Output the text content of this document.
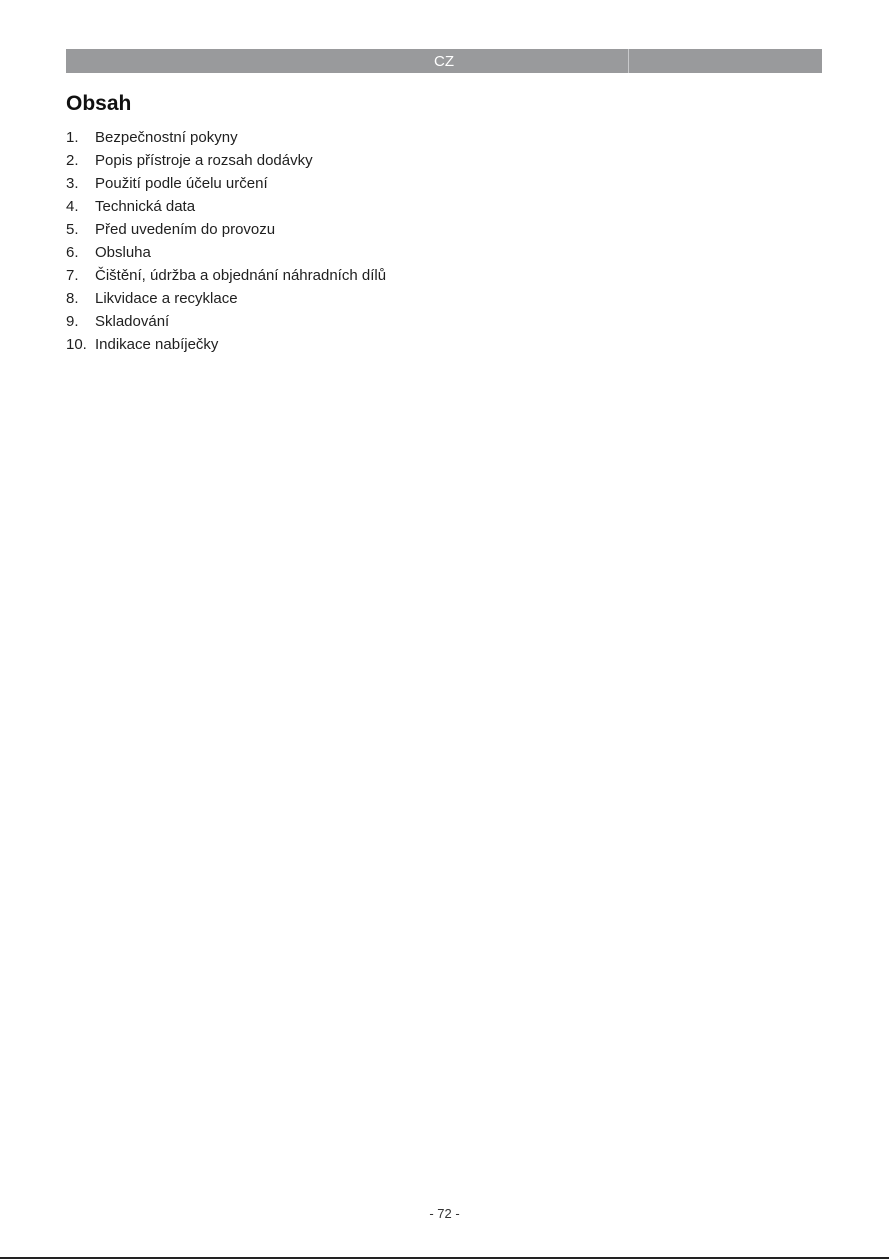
CZ
Obsah
1.	Bezpečnostní pokyny
2.	Popis přístroje a rozsah dodávky
3.	Použití podle účelu určení
4.	Technická data
5.	Před uvedením do provozu
6.	Obsluha
7.	Čištění, údržba a objednání náhradních dílů
8.	Likvidace a recyklace
9.	Skladování
10. Indikace nabíječky
- 72 -
